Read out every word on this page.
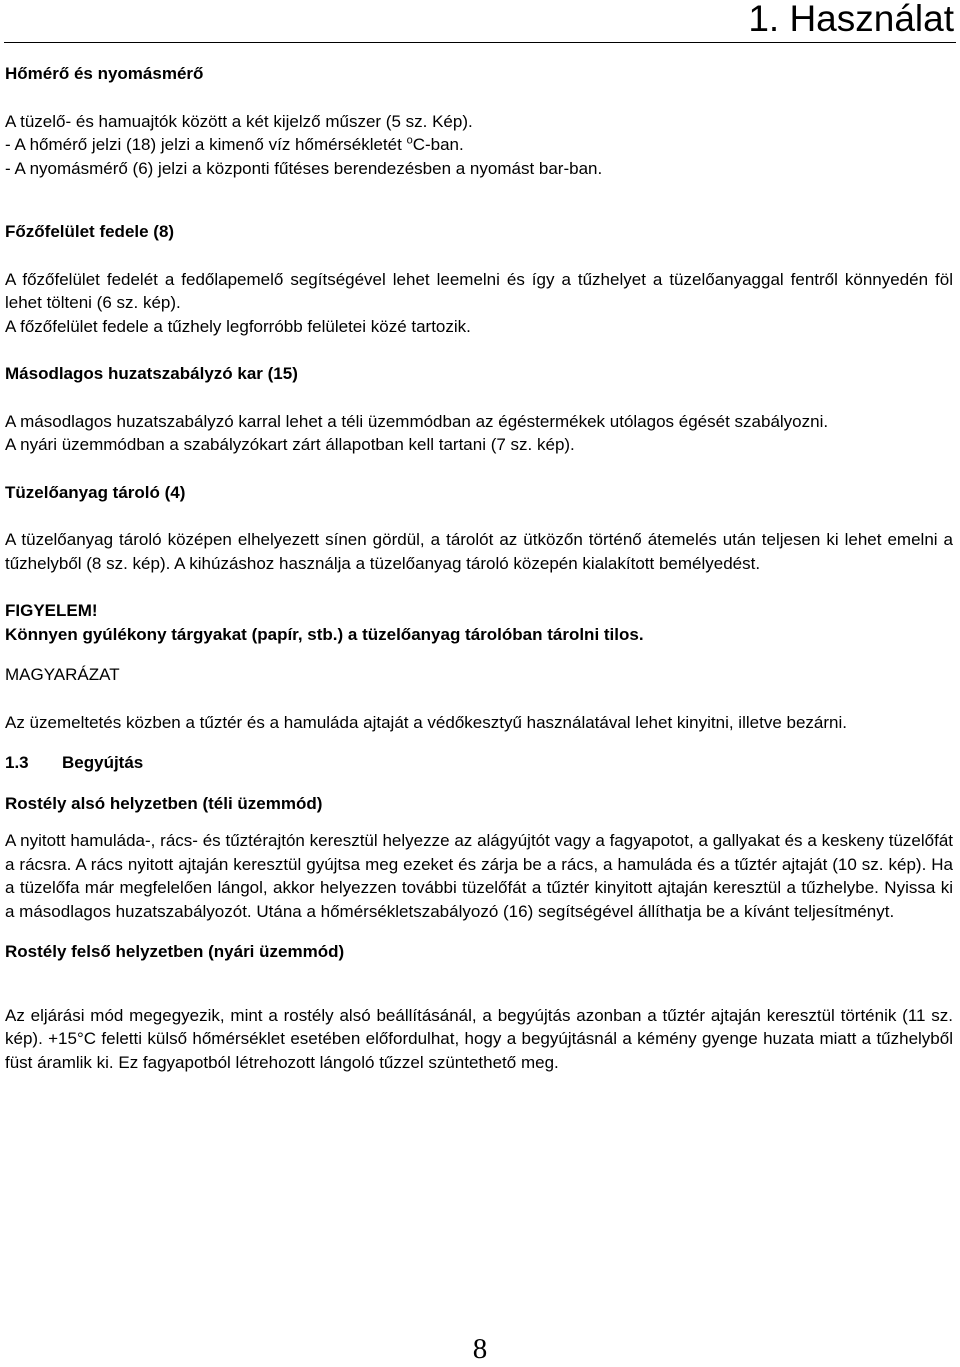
1. Használat

Hőmérő és nyomásmérő

A tüzelő- és hamuajtók között a két kijelző műszer (5 sz. Kép).

- A hőmérő jelzi (18) jelzi a kimenő víz hőmérsékletét $^o$C-ban.

- A nyomásmérő (6) jelzi a központi fűtéses berendezésben a nyomást bar-ban.

Főzőfelület fedele (8)

A főzőfelület fedelét a fedőlapemelő segítségével lehet leemelni és így a tűzhelyet a tüzelőanyaggal fentről könnyedén föl lehet tölteni (6 sz. kép).

A főzőfelület fedele a tűzhely legforróbb felületei közé tartozik.

Másodlagos huzatszabályzó kar (15)

A másodlagos huzatszabályzó karral lehet a téli üzemmódban az égéstermékek utólagos égését szabályozni.

A nyári üzemmódban a szabályzókart zárt állapotban kell tartani (7 sz. kép).

Tüzelőanyag tároló (4)

A tüzelőanyag tároló középen elhelyezett sínen gördül, a tárolót az ütközőn történő átemelés után teljesen ki lehet emelni a tűzhelyből (8 sz. kép). A kihúzáshoz használja a tüzelőanyag tároló közepén kialakított bemélyedést.

FIGYELEM!

Könnyen gyúlékony tárgyakat (papír, stb.) a tüzelőanyag tárolóban tárolni tilos.

MAGYARÁZAT

Az üzemeltetés közben a tűztér és a hamuláda ajtaját a védőkesztyű használatával lehet kinyitni, illetve bezárni.

1.3 Begyújtás

Rostély alsó helyzetben (téli üzemmód)

A nyitott hamuláda-, rács- és tűztérajtón keresztül helyezze az alágyújtót vagy a fagyapotot, a gallyakat és a keskeny tüzelőfát a rácsra. A rács nyitott ajtaján keresztül gyújtsa meg ezeket és zárja be a rács, a hamuláda és a tűztér ajtaját (10 sz. kép). Ha a tüzelőfa már megfelelően lángol, akkor helyezzen további tüzelőfát a tűztér kinyitott ajtaján keresztül a tűzhelybe. Nyissa ki a másodlagos huzatszabályozót. Utána a hőmérsékletszabályozó (16) segítségével állíthatja be a kívánt teljesítményt.

Rostély felső helyzetben (nyári üzemmód)

Az eljárási mód megegyezik, mint a rostély alsó beállításánál, a begyújtás azonban a tűztér ajtaján keresztül történik (11 sz. kép). +15°C feletti külső hőmérséklet esetében előfordulhat, hogy a begyújtásnál a kémény gyenge huzata miatt a tűzhelyből füst áramlik ki. Ez fagyapotból létrehozott lángoló tűzzel szüntethető meg.

8
